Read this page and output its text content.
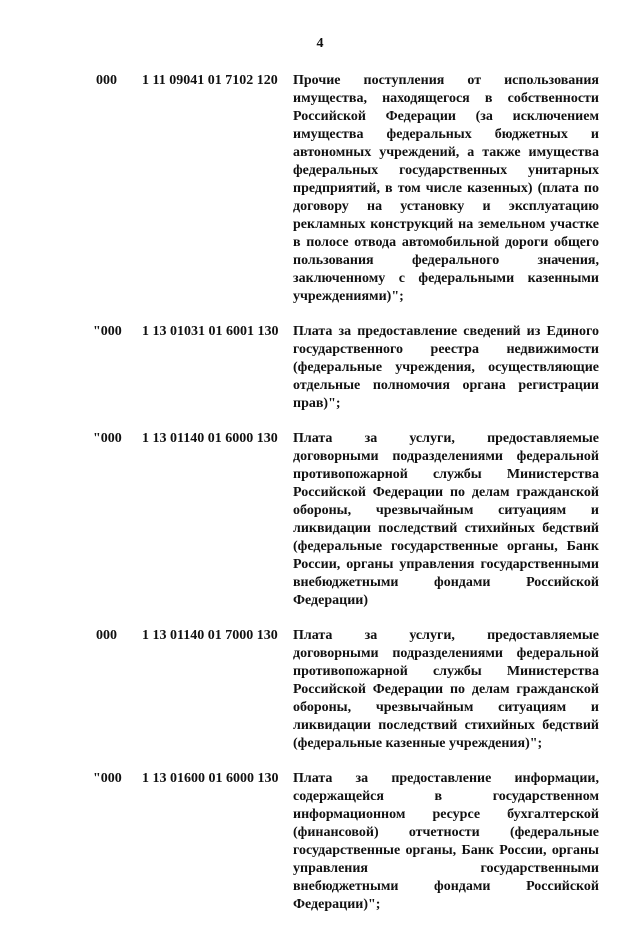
4
000 1 11 09041 01 7102 120 Прочие поступления от использования имущества, находящегося в собственности Российской Федерации (за исключением имущества федеральных бюджетных и автономных учреждений, а также имущества федеральных государственных унитарных предприятий, в том числе казенных) (плата по договору на установку и эксплуатацию рекламных конструкций на земельном участке в полосе отвода автомобильной дороги общего пользования федерального значения, заключенному с федеральными казенными учреждениями)";
"000 1 13 01031 01 6001 130 Плата за предоставление сведений из Единого государственного реестра недвижимости (федеральные учреждения, осуществляющие отдельные полномочия органа регистрации прав)";
"000 1 13 01140 01 6000 130 Плата за услуги, предоставляемые договорными подразделениями федеральной противопожарной службы Министерства Российской Федерации по делам гражданской обороны, чрезвычайным ситуациям и ликвидации последствий стихийных бедствий (федеральные государственные органы, Банк России, органы управления государственными внебюджетными фондами Российской Федерации)
000 1 13 01140 01 7000 130 Плата за услуги, предоставляемые договорными подразделениями федеральной противопожарной службы Министерства Российской Федерации по делам гражданской обороны, чрезвычайным ситуациям и ликвидации последствий стихийных бедствий (федеральные казенные учреждения)";
"000 1 13 01600 01 6000 130 Плата за предоставление информации, содержащейся в государственном информационном ресурсе бухгалтерской (финансовой) отчетности (федеральные государственные органы, Банк России, органы управления государственными внебюджетными фондами Российской Федерации)";
